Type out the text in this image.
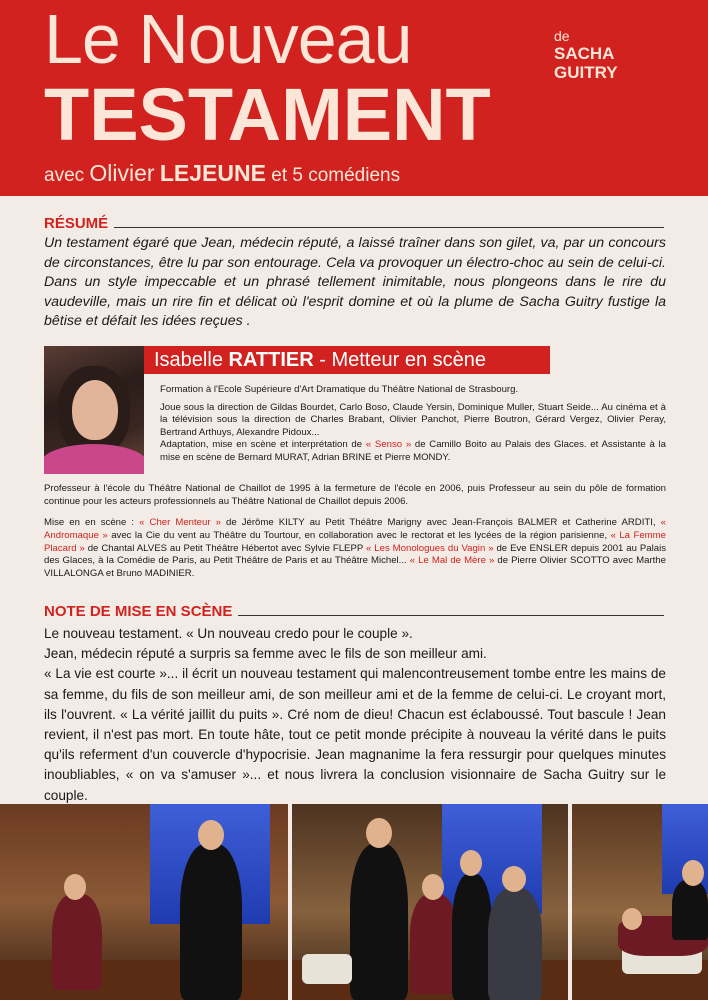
Le Nouveau
TESTAMENT
de
SACHA GUITRY
avec Olivier LEJEUNE et 5 comédiens
RÉSUMÉ
Un testament égaré que Jean, médecin réputé, a laissé traîner dans son gilet, va, par un concours de circonstances, être lu par son entourage. Cela va provoquer un électro-choc au sein de celui-ci. Dans un style impeccable et un phrasé tellement inimitable, nous plongeons dans le rire du vaudeville, mais un rire fin et délicat où l'esprit domine et où la plume de Sacha Guitry fustige la bêtise et défait les idées reçues .
Isabelle RATTIER - Metteur en scène

Formation à l'Ecole Supérieure d'Art Dramatique du Théâtre National de Strasbourg.

Joue sous la direction de Gildas Bourdet, Carlo Boso, Claude Yersin, Dominique Muller, Stuart Seide... Au cinéma et à la télévision sous la direction de Charles Brabant, Olivier Panchot, Pierre Boutron, Gérard Vergez, Olivier Peray, Bertrand Arthuys, Alexandre Pidoux...

Adaptation, mise en scène et interprétation de « Senso » de Camillo Boito au Palais des Glaces. et Assistante à la mise en scène de Bernard MURAT, Adrian BRINE et Pierre MONDY.

Professeur à l'école du Théâtre National de Chaillot de 1995 à la fermeture de l'école en 2006, puis Professeur au sein du pôle de formation continue pour les acteurs professionnels au Théâtre National de Chaillot depuis 2006.

Mise en en scène : « Cher Menteur » de Jérôme KILTY au Petit Théâtre Marigny avec Jean-François BALMER et Catherine ARDITI, « Andromaque » avec la Cie du vent au Théâtre du Tourtour, en collaboration avec le rectorat et les lycées de la région parisienne, « La Femme Placard » de Chantal ALVES au Petit Théâtre Hébertot avec Sylvie FLEPP « Les Monologues du Vagin » de Eve ENSLER depuis 2001 au Palais des Glaces, à la Comédie de Paris, au Petit Théâtre de Paris et au Théâtre Michel... « Le Mal de Mère » de Pierre Olivier SCOTTO avec Marthe VILLALONGA et Bruno MADINIER.

NOTE DE MISE EN SCÈNE

Le nouveau testament. « Un nouveau credo pour le couple ».

Jean, médecin réputé a surpris sa femme avec le fils de son meilleur ami.

« La vie est courte »... il écrit un nouveau testament qui malencontreusement tombe entre les mains de sa femme, du fils de son meilleur ami, de son meilleur ami et de la femme de celui-ci. Le croyant mort, ils l'ouvrent. « La vérité jaillit du puits ». Cré nom de dieu! Chacun est éclaboussé. Tout bascule ! Jean revient, il n'est pas mort. En toute hâte, tout ce petit monde précipite à nouveau la vérité dans le puits qu'ils referment d'un couvercle d'hypocrisie. Jean magnanime la fera ressurgir pour quelques minutes inoubliables, « on va s'amuser »... et nous livrera la conclusion visionnaire de Sacha Guitry sur le couple.
